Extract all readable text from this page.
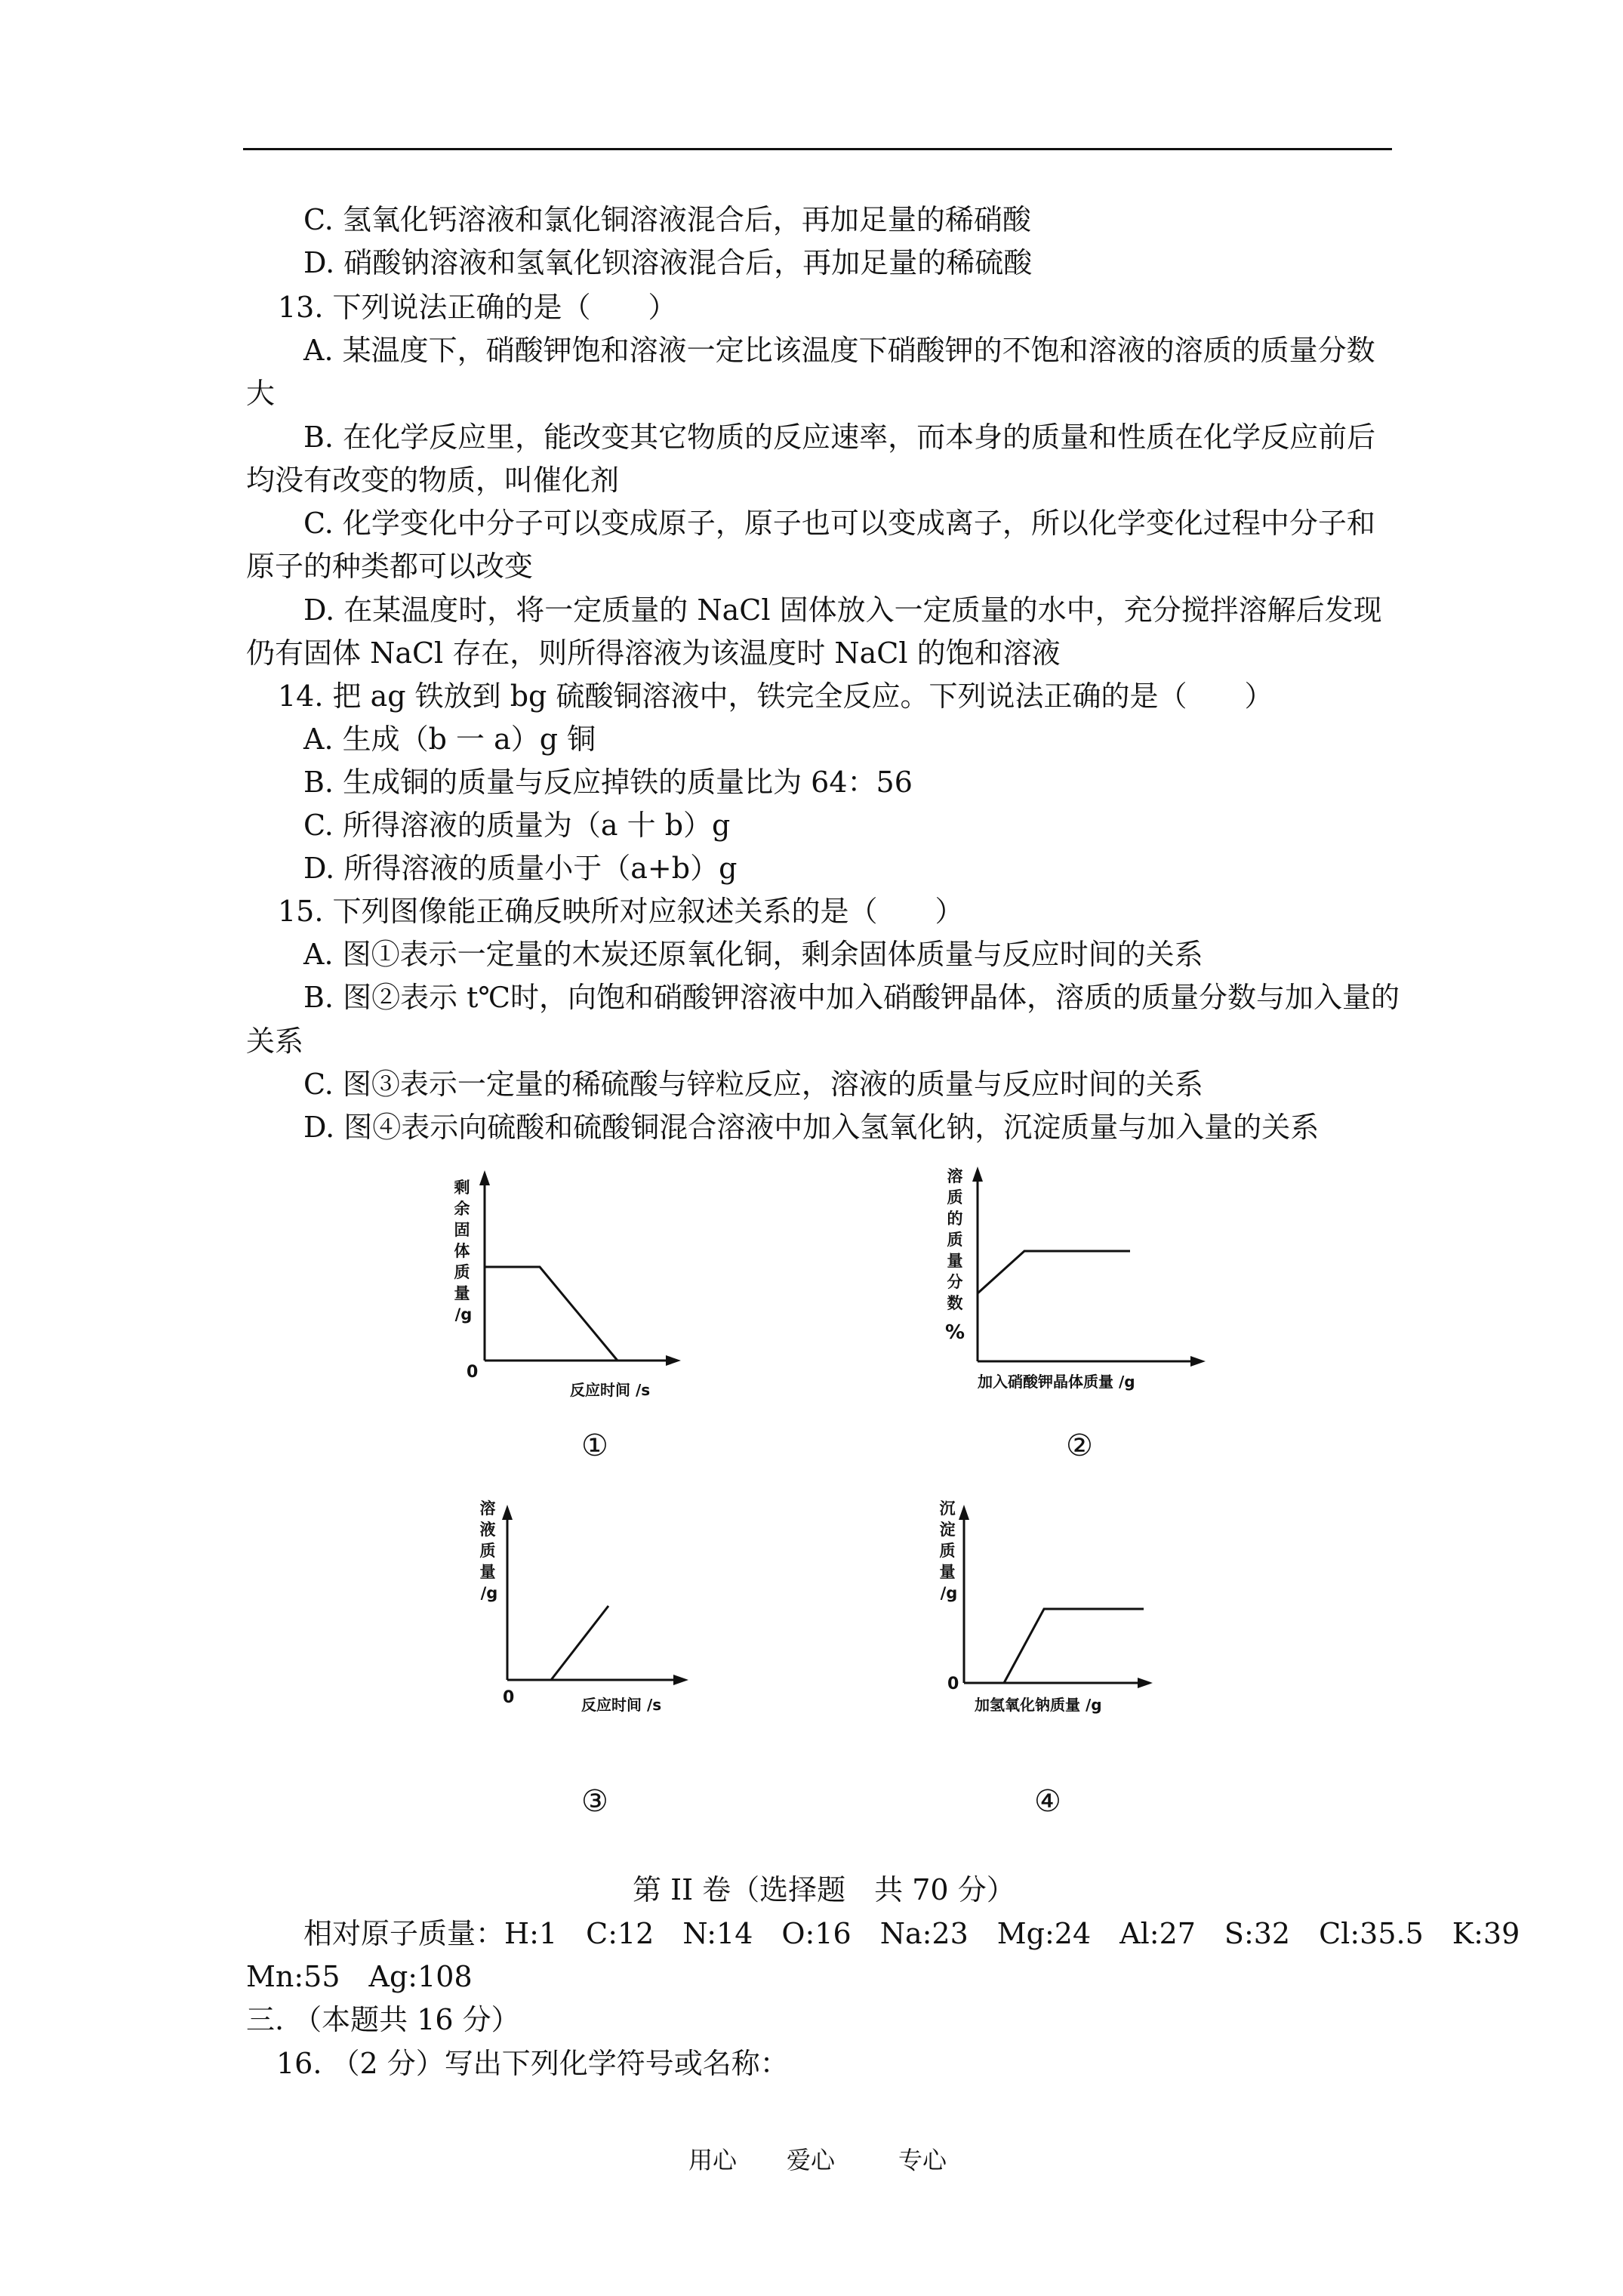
C. 氢氧化钙溶液和氯化铜溶液混合后，再加足量的稀硝酸
D. 硝酸钠溶液和氢氧化钡溶液混合后，再加足量的稀硫酸
13. 下列说法正确的是（　　）
A. 某温度下，硝酸钾饱和溶液一定比该温度下硝酸钾的不饱和溶液的溶质的质量分数
大
B. 在化学反应里，能改变其它物质的反应速率，而本身的质量和性质在化学反应前后
均没有改变的物质，叫催化剂
C. 化学变化中分子可以变成原子，原子也可以变成离子，所以化学变化过程中分子和
原子的种类都可以改变
D. 在某温度时，将一定质量的 NaCl 固体放入一定质量的水中，充分搅拌溶解后发现
仍有固体 NaCl 存在，则所得溶液为该温度时 NaCl 的饱和溶液
14. 把 ag 铁放到 bg 硫酸铜溶液中，铁完全反应。下列说法正确的是（　　）
A. 生成（b 一 a）g 铜
B. 生成铜的质量与反应掉铁的质量比为 64：56
C. 所得溶液的质量为（a 十 b）g
D. 所得溶液的质量小于（a+b）g
15. 下列图像能正确反映所对应叙述关系的是（　　）
A. 图①表示一定量的木炭还原氧化铜，剩余固体质量与反应时间的关系
B. 图②表示 t℃时，向饱和硝酸钾溶液中加入硝酸钾晶体，溶质的质量分数与加入量的
关系
C. 图③表示一定量的稀硫酸与锌粒反应，溶液的质量与反应时间的关系
D. 图④表示向硫酸和硫酸铜混合溶液中加入氢氧化钠，沉淀质量与加入量的关系
剩
余
固
体
质
量
/g
0
反应时间 /s
①
溶
质
的
质
量
分
数
%
加入硝酸钾晶体质量 /g
②
溶
液
质
量
/g
0	反应时间 /s
③
沉
淀
质
量
/g
0
加氢氧化钠质量 /g
④
第 II 卷（选择题　共 70 分）
相对原子质量：H:1　C:12　N:14　O:16　Na:23　Mg:24　Al:27　S:32　Cl:35.5　K:39
Mn:55　Ag:108
三. （本题共 16 分）
16. （2 分）写出下列化学符号或名称：
用心 爱心	专心
